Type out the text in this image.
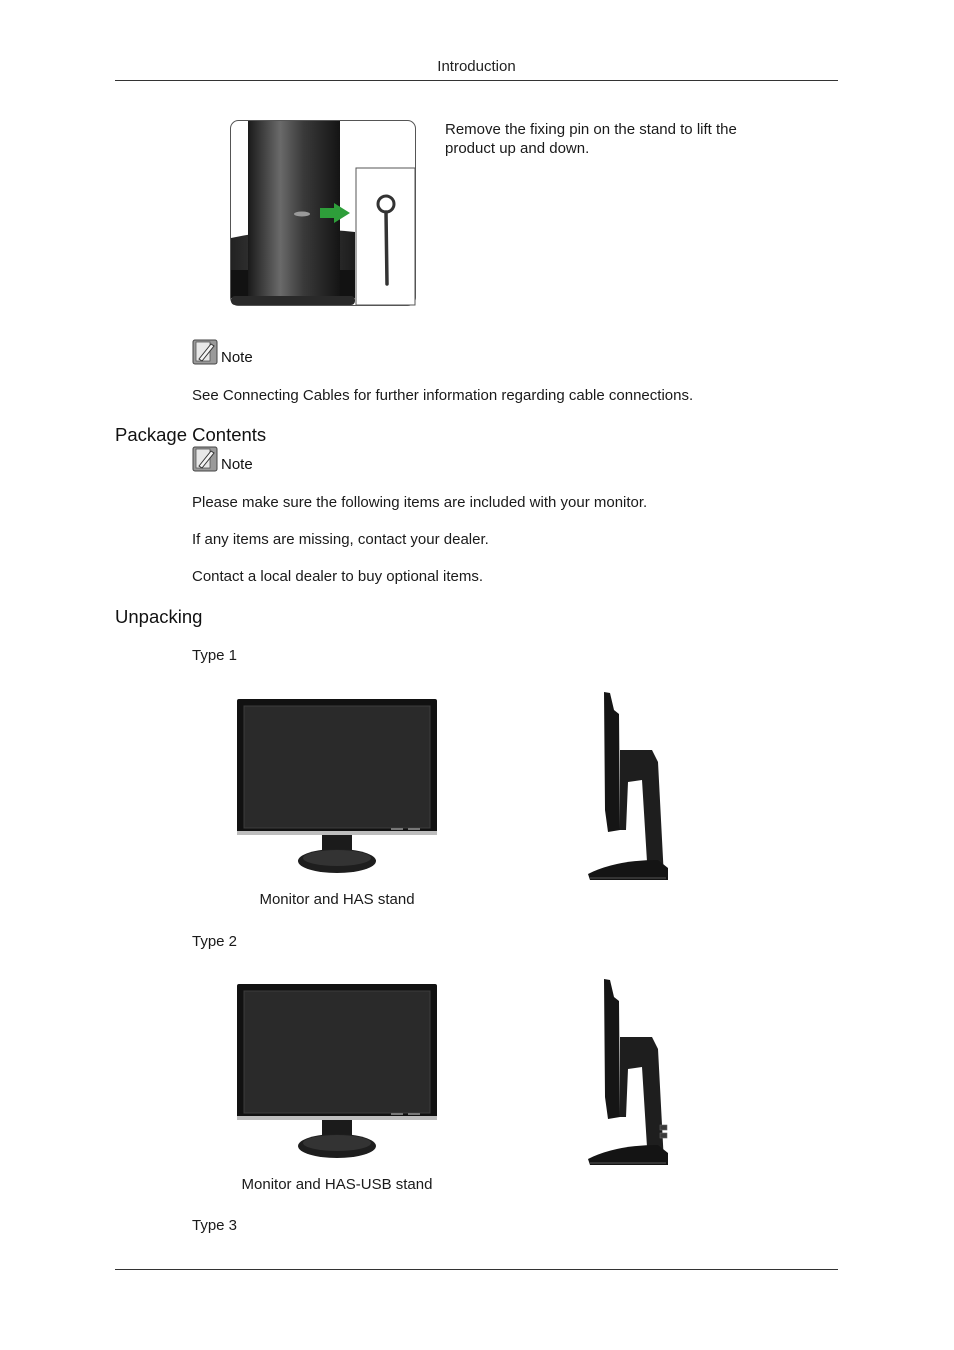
Introduction
Remove the fixing pin on the stand to lift the product up and down.
Note
See Connecting Cables for further information regarding cable connections.
Package Contents
Note
Please make sure the following items are included with your monitor.
If any items are missing, contact your dealer.
Contact a local dealer to buy optional items.
Unpacking
Type 1
Monitor and HAS stand
Type 2
Monitor and HAS-USB stand
Type 3
